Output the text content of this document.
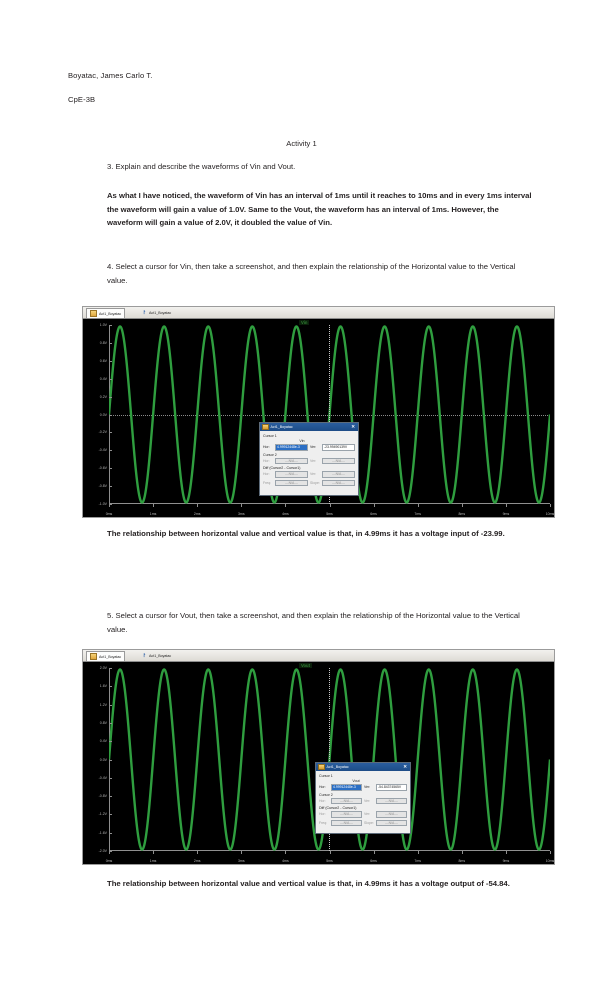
Boyatac, James Carlo T.
CpE-3B
Activity 1
3. Explain and describe the waveforms of Vin and Vout.
As what I have noticed, the waveform of Vin has an interval of 1ms until it reaches to 10ms and in every 1ms interval the waveform will gain a value of 1.0V. Same to the Vout, the waveform has an interval of 1ms. However, the waveform will gain a value of 2.0V, it doubled the value of Vin.
4. Select a cursor for Vin, then take a screenshot, and then explain the relationship of the Horizontal value to the Vertical value.
Act1_Boyatac	↾ Act1_Boyatac
Vin
1.0V
0.8V
0.6V
0.4V
0.2V
0.0V
-0.2V
-0.4V
-0.6V
-0.8V
-1.0V
0ms	1ms	2ms	3ms	4ms	5ms	6ms	7ms	8ms	9ms	10ms
Act1_Boyatac	✕
Cursor 1
Vin
Hor:	4.99912448e-3	Ver:	-23.99490139V
Cursor 2
Hor:	---N/A---	Ver:	---N/A---
Diff (Cursor2 - Cursor1)
Hor:	---N/A---	Ver:	---N/A---
Freq:	---N/A---	Slope:	---N/A---
The relationship between horizontal value and vertical value is that, in 4.99ms it has a voltage input of -23.99.
5. Select a cursor for Vout, then take a screenshot, and then explain the relationship of the Horizontal value to the Vertical value.
Act1_Boyatac	↾ Act1_Boyatac
Vout
2.0V
1.6V
1.2V
0.8V
0.4V
0.0V
-0.4V
-0.8V
-1.2V
-1.6V
-2.0V
0ms	1ms	2ms	3ms	4ms	5ms	6ms	7ms	8ms	9ms	10ms
Act1_Boyatac	✕
Cursor 1
Vout
Hor:	4.99912448e-3	Ver:	-54.84374565V
Cursor 2
Hor:	---N/A---	Ver:	---N/A---
Diff (Cursor2 - Cursor1)
Hor:	---N/A---	Ver:	---N/A---
Freq:	---N/A---	Slope:	---N/A---
The relationship between horizontal value and vertical value is that, in 4.99ms it has a voltage output of -54.84.
